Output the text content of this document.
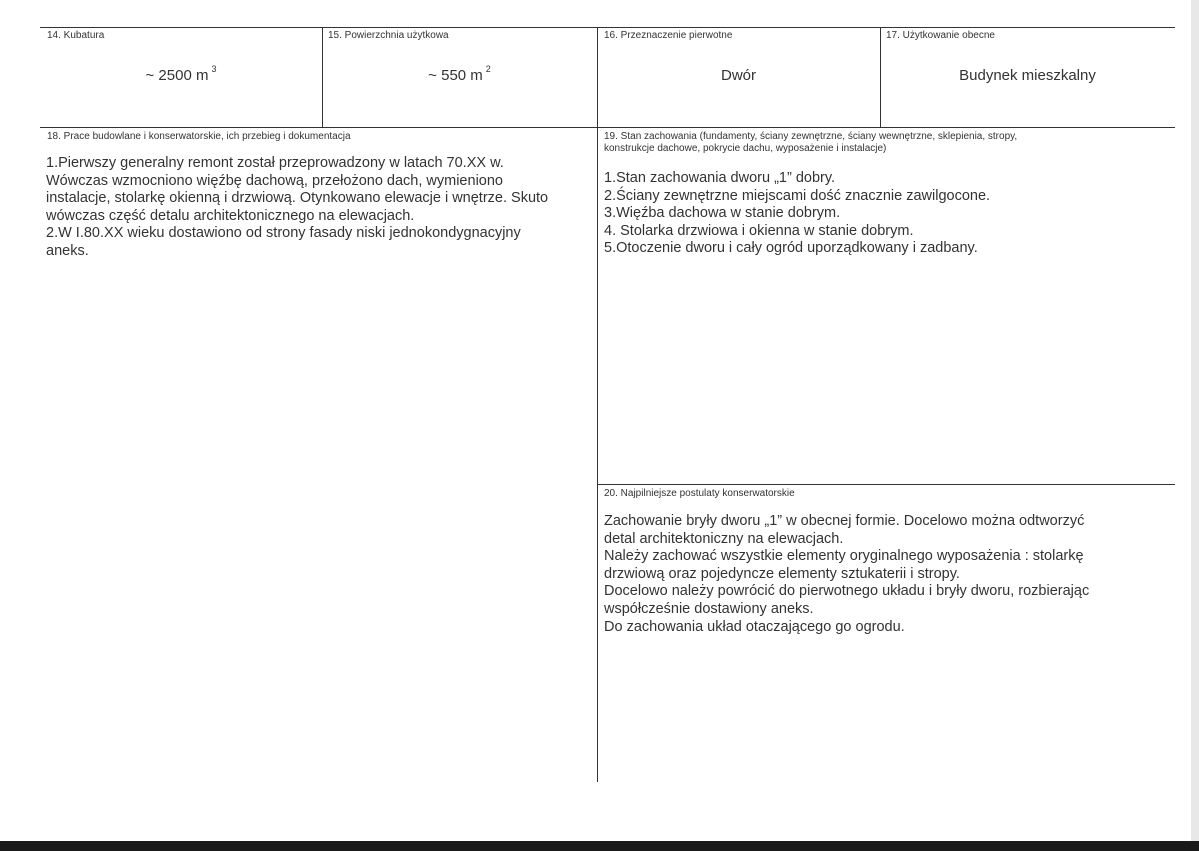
14. Kubatura
~ 2500 m $^3$
15. Powierzchnia użytkowa
~ 550 m $^2$
16. Przeznaczenie pierwotne
Dwór
17. Użytkowanie obecne
Budynek mieszkalny
18. Prace budowlane i konserwatorskie, ich przebieg i dokumentacja

1.Pierwszy generalny remont został przeprowadzony w latach 70.XX w.

Wówczas wzmocniono więźbę dachową, przełożono dach, wymieniono

instalacje, stolarkę okienną i drzwiową. Otynkowano elewacje i wnętrze. Skuto

wówczas część detalu architektonicznego na elewacjach.

2.W I.80.XX wieku dostawiono od strony fasady niski jednokondygnacyjny

aneks.

19. Stan zachowania (fundamenty, ściany zewnętrzne, ściany wewnętrzne, sklepienia, stropy,
konstrukcje dachowe, pokrycie dachu, wyposażenie i instalacje)

1.Stan zachowania dworu „1” dobry.

2.Ściany zewnętrzne miejscami dość znacznie zawilgocone.

3.Więźba dachowa w stanie dobrym.

4. Stolarka drzwiowa i okienna w stanie dobrym.

5.Otoczenie dworu i cały ogród uporządkowany i zadbany.

20. Najpilniejsze postulaty konserwatorskie

Zachowanie bryły dworu „1” w obecnej formie. Docelowo można odtworzyć

detal architektoniczny na elewacjach.

Należy zachować wszystkie elementy oryginalnego wyposażenia : stolarkę

drzwiową oraz pojedyncze elementy sztukaterii i stropy.

Docelowo należy powrócić do pierwotnego układu i bryły dworu, rozbierając

współcześnie dostawiony aneks.

Do zachowania układ otaczającego go ogrodu.
